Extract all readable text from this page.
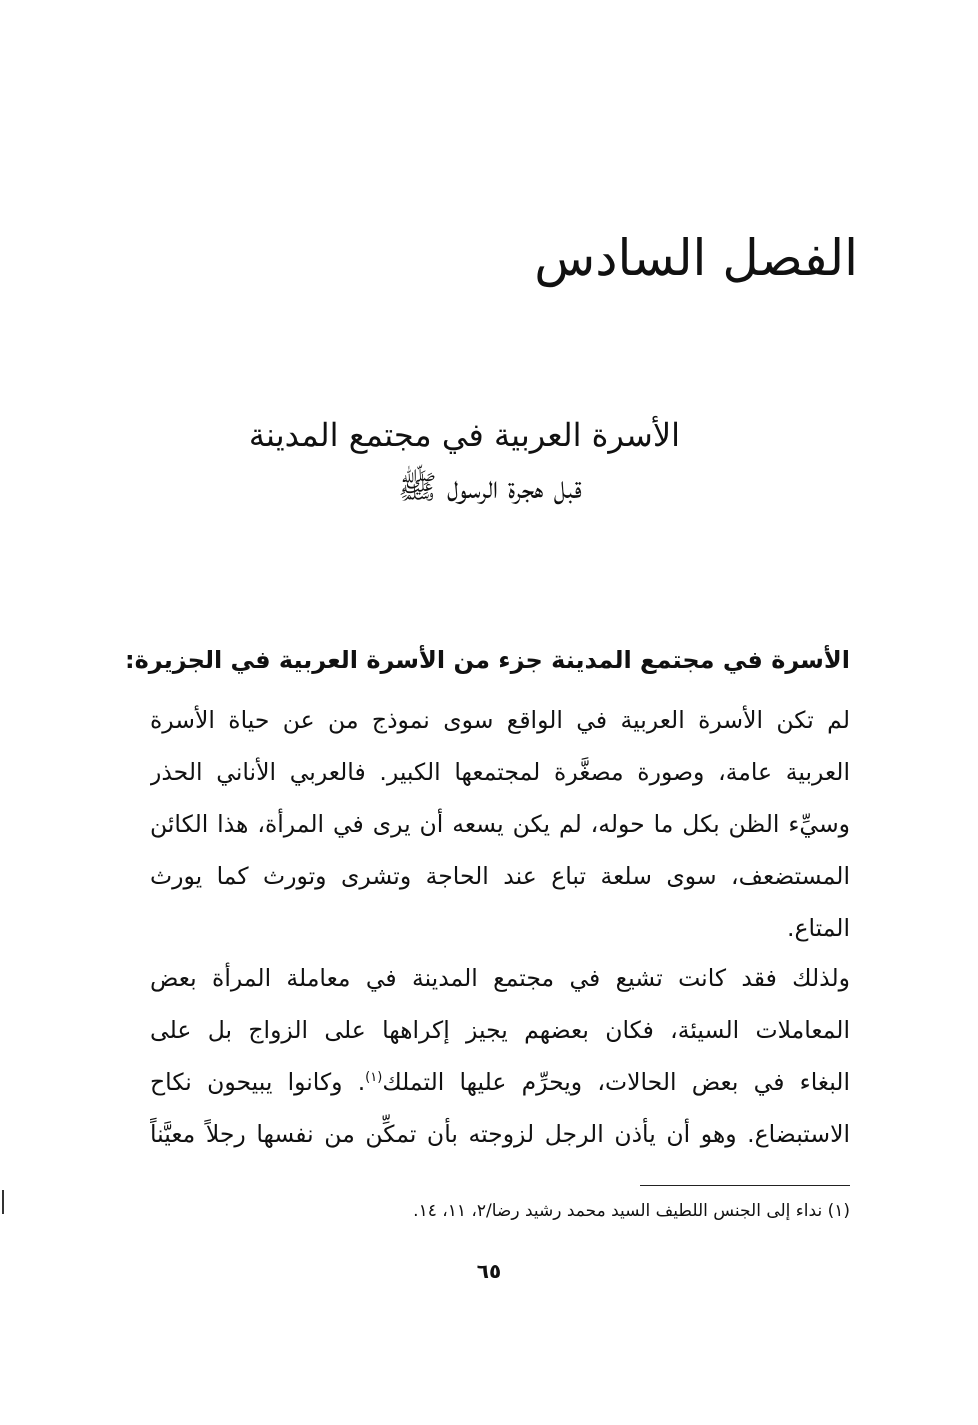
الفصل السادس
الأسرة العربية في مجتمع المدينة
قبل هجرة الرسول ﷺ
الأسرة في مجتمع المدينة جزء من الأسرة العربية في الجزيرة:
لم تكن الأسرة العربية في الواقع سوى نموذج من عن حياة الأسرة
العربية عامة، وصورة مصغَّرة لمجتمعها الكبير. فالعربي الأناني الحذر
وسيِّء الظن بكل ما حوله، لم يكن يسعه أن يرى في المرأة، هذا الكائن
المستضعف، سوى سلعة تباع عند الحاجة وتشرى وتورث كما يورث
المتاع.
ولذلك فقد كانت تشيع في مجتمع المدينة في معاملة المرأة بعض
المعاملات السيئة، فكان بعضهم يجيز إكراهها على الزواج بل على
البغاء في بعض الحالات، ويحرِّم عليها التملك$^{(١)}$. وكانوا يبيحون نكاح
الاستبضاع. وهو أن يأذن الرجل لزوجته بأن تمكِّن من نفسها رجلاً معيَّناً
(١) نداء إلى الجنس اللطيف السيد محمد رشيد رضا/٢، ١١، ١٤.
٦٥
